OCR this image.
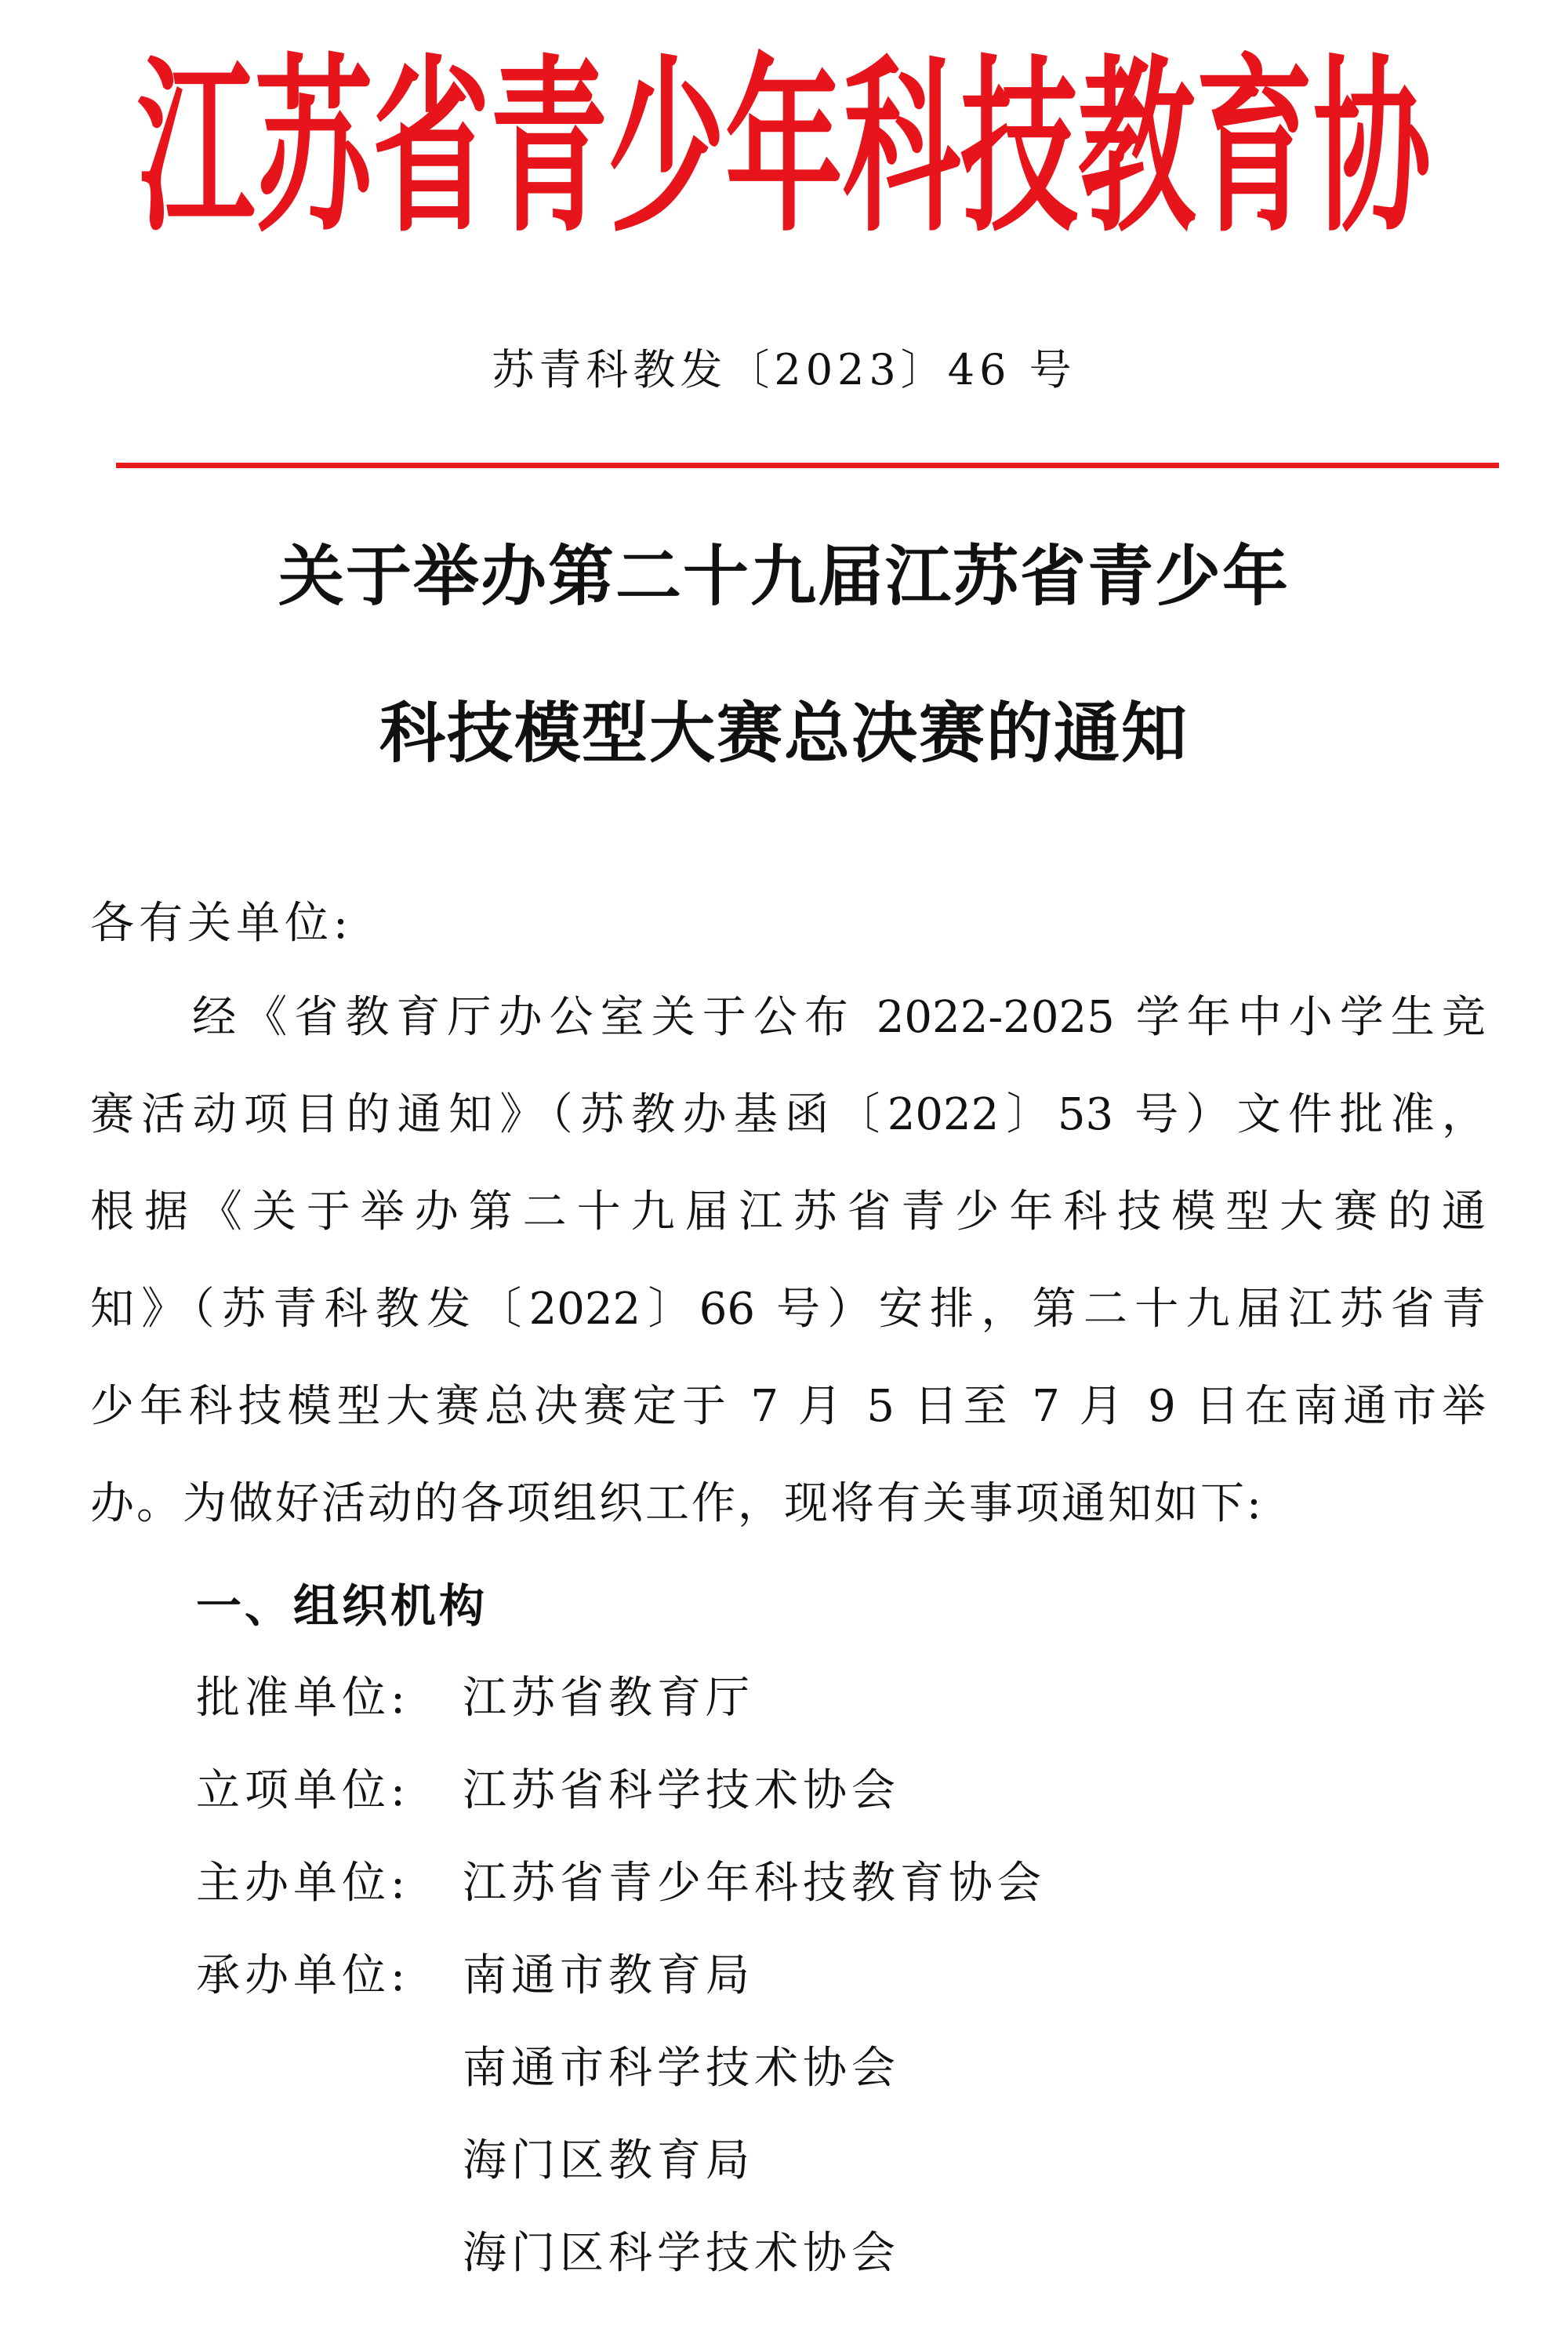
江苏省青少年科技教育协
苏青科教发〔2023〕46 号
关于举办第二十九届江苏省青少年
科技模型大赛总决赛的通知
各有关单位:
　　经《省教育厅办公室关于公布 2022-2025 学年中小学生竞
赛活动项目的通知》（苏教办基函〔2022〕53 号）文件批准，
根据《关于举办第二十九届江苏省青少年科技模型大赛的通
知》（苏青科教发〔2022〕66 号）安排，第二十九届江苏省青
少年科技模型大赛总决赛定于 7 月 5 日至 7 月 9 日在南通市举
办。为做好活动的各项组织工作，现将有关事项通知如下:
一、组织机构
批准单位: 江苏省教育厅
立项单位: 江苏省科学技术协会
主办单位: 江苏省青少年科技教育协会
承办单位: 南通市教育局
南通市科学技术协会
海门区教育局
海门区科学技术协会
